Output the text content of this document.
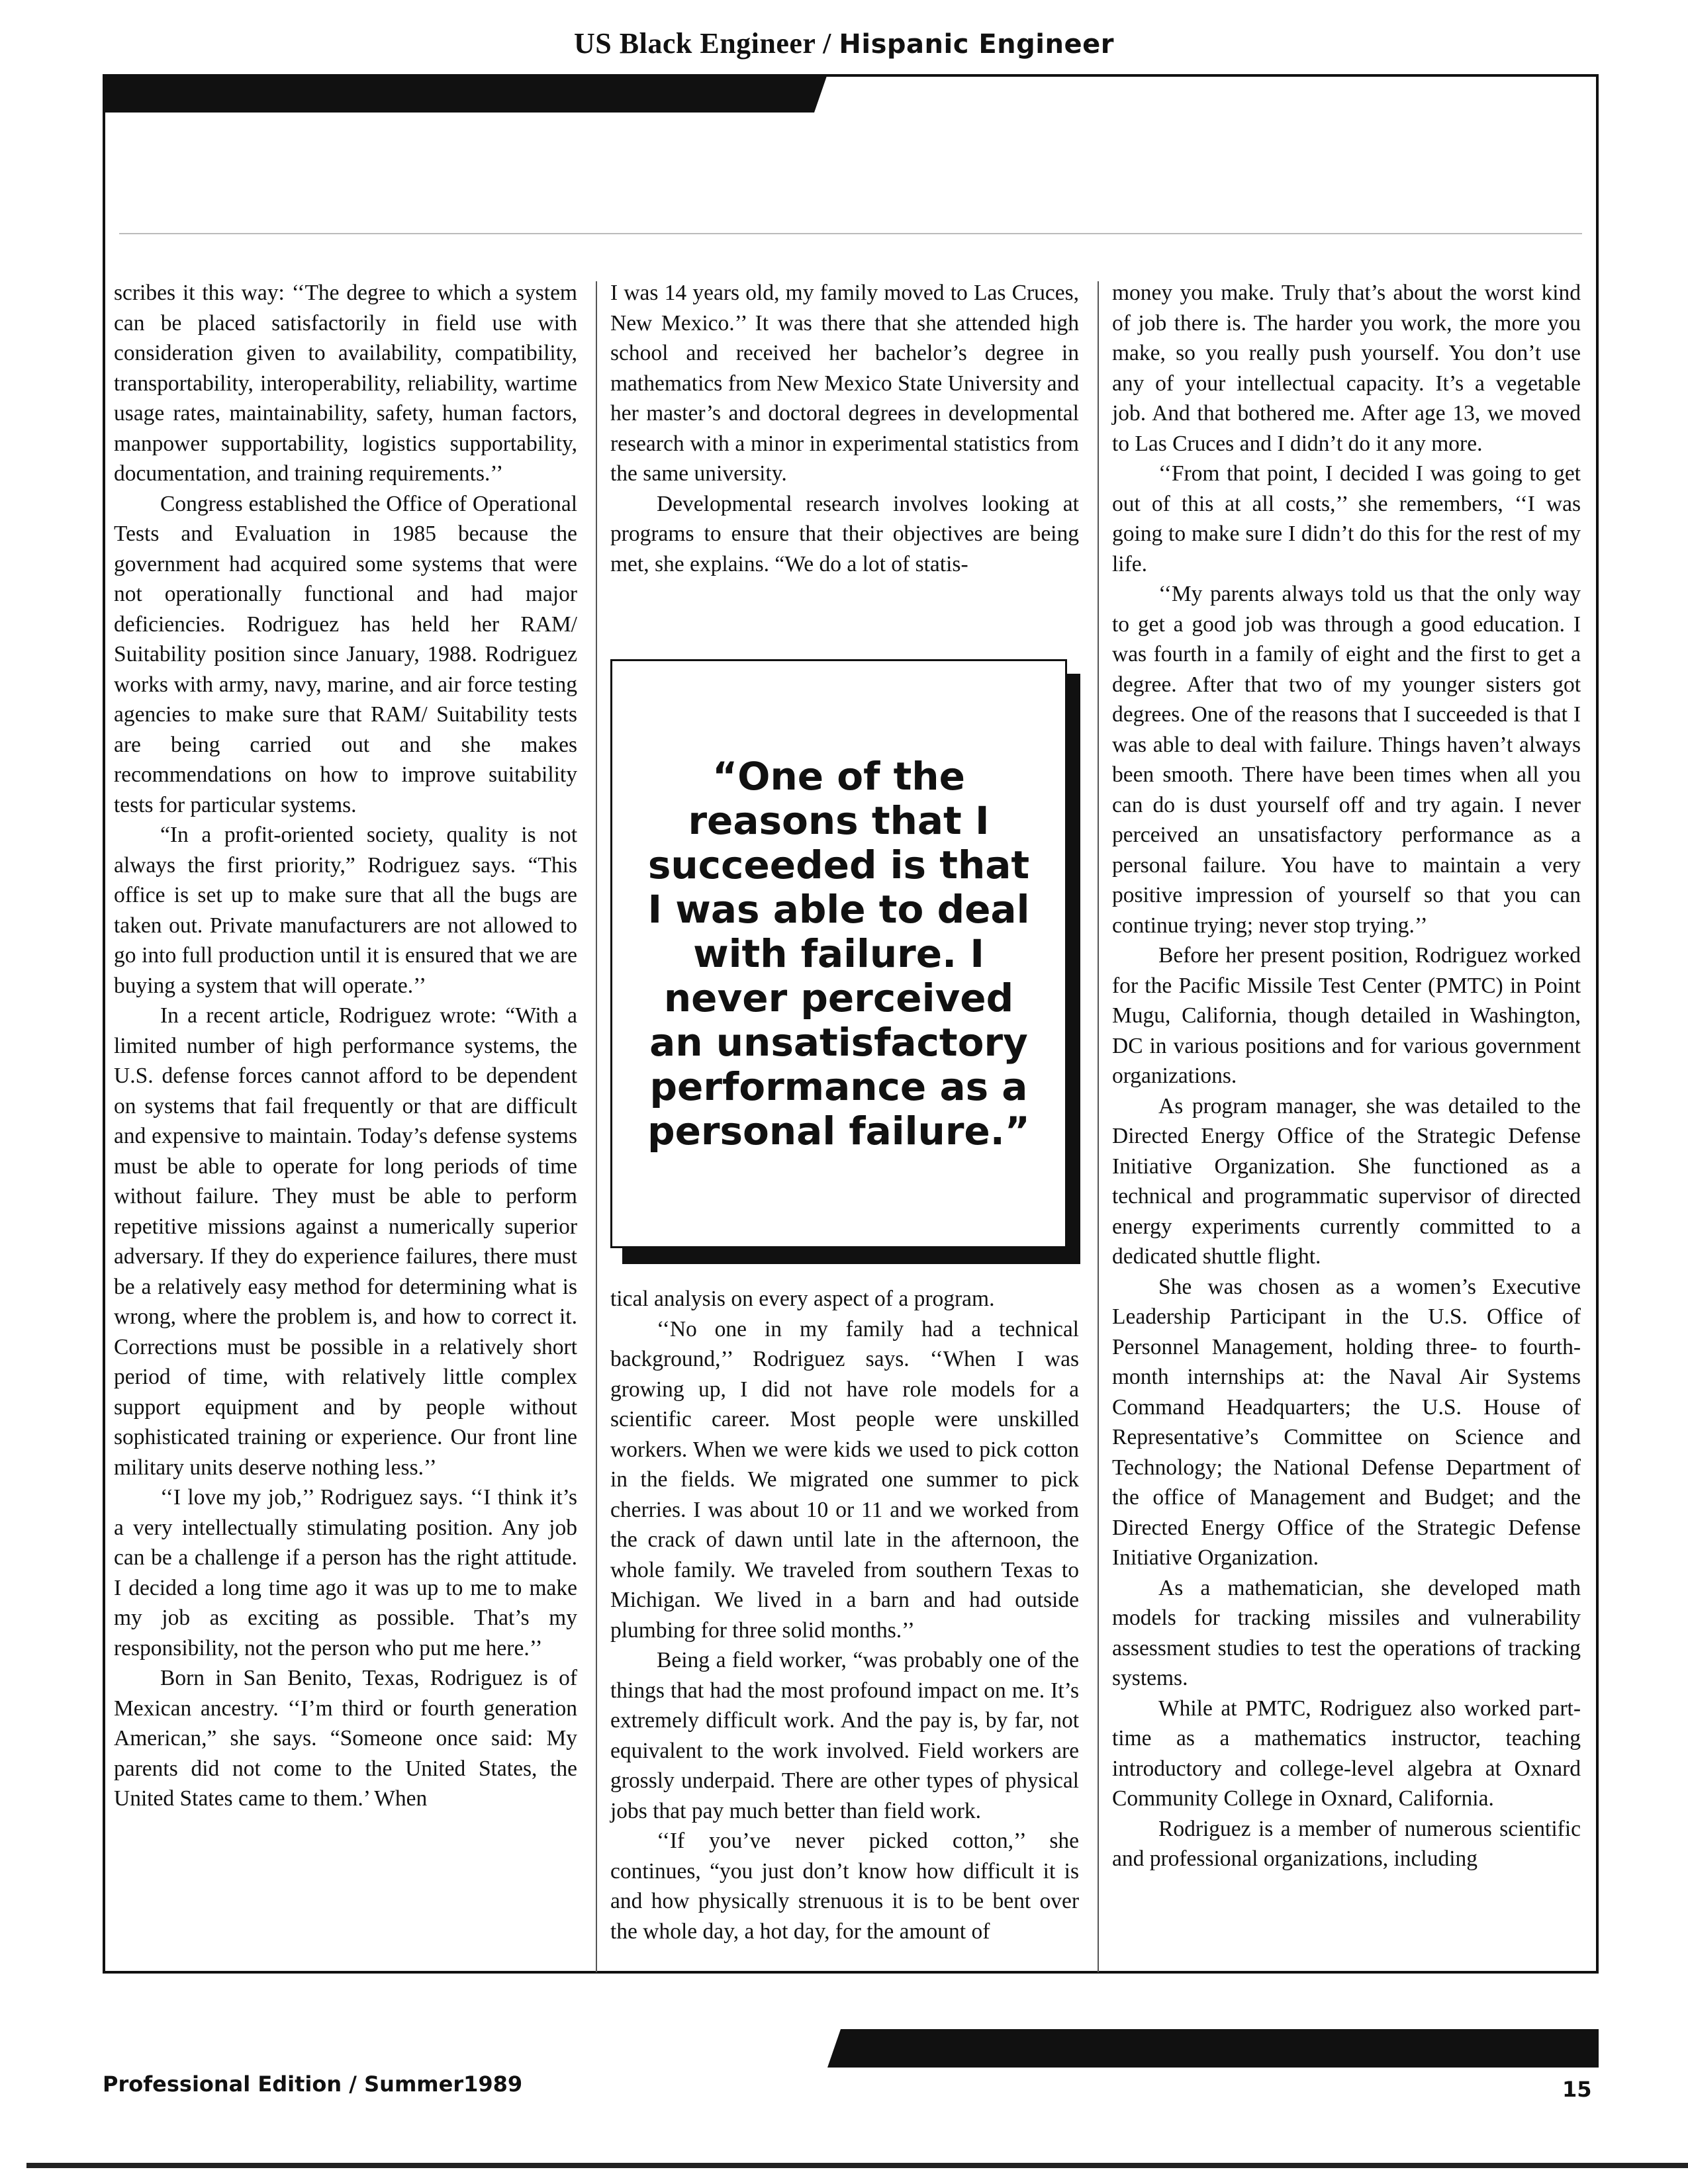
US Black Engineer / Hispanic Engineer

scribes it this way: ‘‘The degree to which a system can be placed satisfactorily in field use with consideration given to availability, compatibility, transportability, interoperability, reliability, wartime usage rates, maintainability, safety, human factors, manpower supportability, logistics supportability, documentation, and training requirements.’’

Congress established the Office of Operational Tests and Evaluation in 1985 because the government had acquired some systems that were not operationally functional and had major deficiencies. Rodriguez has held her RAM/ Suitability position since January, 1988. Rodriguez works with army, navy, marine, and air force testing agencies to make sure that RAM/ Suitability tests are being carried out and she makes recommendations on how to improve suitability tests for particular systems.

“In a profit-oriented society, quality is not always the first priority,” Rodriguez says. “This office is set up to make sure that all the bugs are taken out. Private manufacturers are not allowed to go into full production until it is ensured that we are buying a system that will operate.’’

In a recent article, Rodriguez wrote: “With a limited number of high performance systems, the U.S. defense forces cannot afford to be dependent on systems that fail frequently or that are difficult and expensive to maintain. Today’s defense systems must be able to operate for long periods of time without failure. They must be able to perform repetitive missions against a numerically superior adversary. If they do experience failures, there must be a relatively easy method for determining what is wrong, where the problem is, and how to correct it. Corrections must be possible in a relatively short period of time, with relatively little complex support equipment and by people without sophisticated training or experience. Our front line military units deserve nothing less.’’

‘‘I love my job,’’ Rodriguez says. ‘‘I think it’s a very intellectually stimulating position. Any job can be a challenge if a person has the right attitude. I decided a long time ago it was up to me to make my job as exciting as possible. That’s my responsibility, not the person who put me here.’’

Born in San Benito, Texas, Rodriguez is of Mexican ancestry. ‘‘I’m third or fourth generation American,” she says. “Someone once said: My parents did not come to the United States, the United States came to them.’ When

I was 14 years old, my family moved to Las Cruces, New Mexico.’’ It was there that she attended high school and received her bachelor’s degree in mathematics from New Mexico State University and her master’s and doctoral degrees in developmental research with a minor in experimental statistics from the same university.

Developmental research involves looking at programs to ensure that their objectives are being met, she explains. “We do a lot of statis-

“One of the reasons that I succeeded is that I was able to deal with failure. I never perceived an unsatisfactory performance as a personal failure.”

tical analysis on every aspect of a program.

‘‘No one in my family had a technical background,’’ Rodriguez says. ‘‘When I was growing up, I did not have role models for a scientific career. Most people were unskilled workers. When we were kids we used to pick cotton in the fields. We migrated one summer to pick cherries. I was about 10 or 11 and we worked from the crack of dawn until late in the afternoon, the whole family. We traveled from southern Texas to Michigan. We lived in a barn and had outside plumbing for three solid months.’’

Being a field worker, “was probably one of the things that had the most profound impact on me. It’s extremely difficult work. And the pay is, by far, not equivalent to the work involved. Field workers are grossly underpaid. There are other types of physical jobs that pay much better than field work.

‘‘If you’ve never picked cotton,’’ she continues, “you just don’t know how difficult it is and how physically strenuous it is to be bent over the whole day, a hot day, for the amount of

money you make. Truly that’s about the worst kind of job there is. The harder you work, the more you make, so you really push yourself. You don’t use any of your intellectual capacity. It’s a vegetable job. And that bothered me. After age 13, we moved to Las Cruces and I didn’t do it any more.

‘‘From that point, I decided I was going to get out of this at all costs,’’ she remembers, ‘‘I was going to make sure I didn’t do this for the rest of my life.

‘‘My parents always told us that the only way to get a good job was through a good education. I was fourth in a family of eight and the first to get a degree. After that two of my younger sisters got degrees. One of the reasons that I succeeded is that I was able to deal with failure. Things haven’t always been smooth. There have been times when all you can do is dust yourself off and try again. I never perceived an unsatisfactory performance as a personal failure. You have to maintain a very positive impression of yourself so that you can continue trying; never stop trying.’’

Before her present position, Rodriguez worked for the Pacific Missile Test Center (PMTC) in Point Mugu, California, though detailed in Washington, DC in various positions and for various government organizations.

As program manager, she was detailed to the Directed Energy Office of the Strategic Defense Initiative Organization. She functioned as a technical and programmatic supervisor of directed energy experiments currently committed to a dedicated shuttle flight.

She was chosen as a women’s Executive Leadership Participant in the U.S. Office of Personnel Management, holding three- to fourth-month internships at: the Naval Air Systems Command Headquarters; the U.S. House of Representative’s Committee on Science and Technology; the National Defense Department of the office of Management and Budget; and the Directed Energy Office of the Strategic Defense Initiative Organization.

As a mathematician, she developed math models for tracking missiles and vulnerability assessment studies to test the operations of tracking systems.

While at PMTC, Rodriguez also worked part-time as a mathematics instructor, teaching introductory and college-level algebra at Oxnard Community College in Oxnard, California.

Rodriguez is a member of numerous scientific and professional organizations, including

Professional Edition / Summer1989	15
